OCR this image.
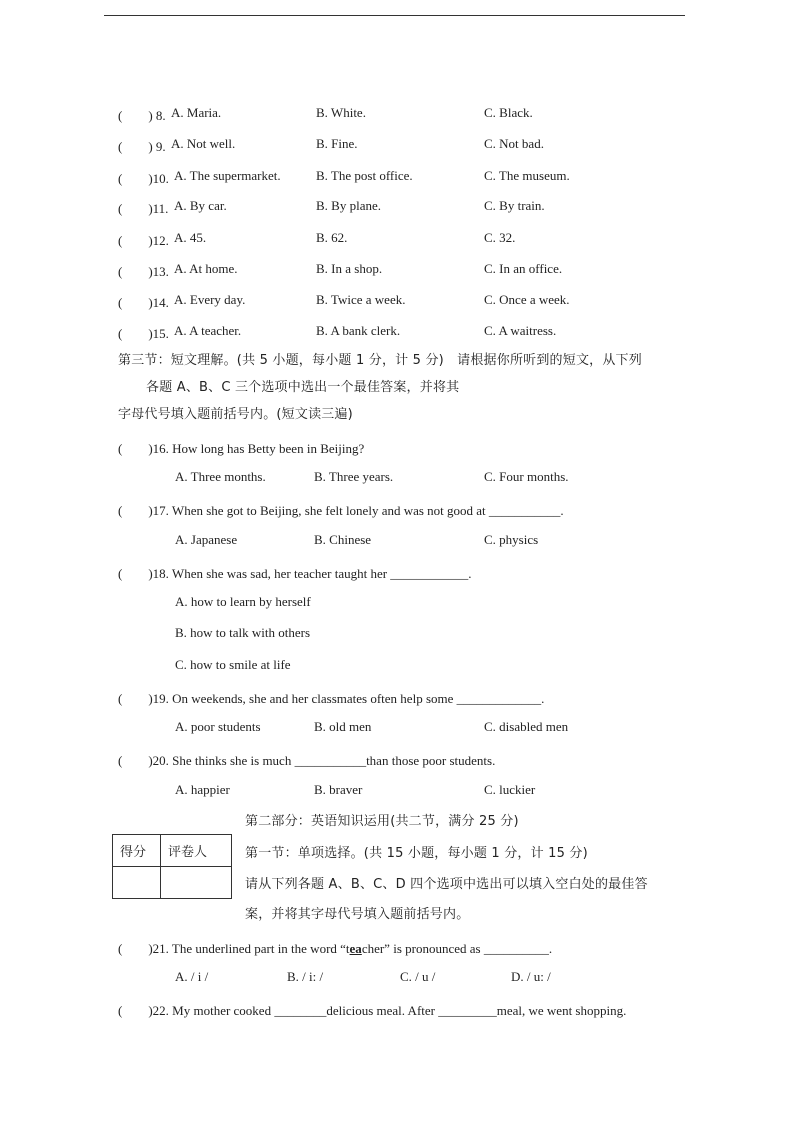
(　　) 8. A. Maria.	B. White.	C. Black.
(　　) 9. A. Not well.	B. Fine.	C. Not bad.
(　　)10. A. The supermarket.	B. The post office.	C. The museum.
(　　)11. A. By car.	B. By plane.	C. By train.
(　　)12. A. 45.	B. 62.	C. 32.
(　　)13. A. At home.	B. In a shop.	C. In an office.
(　　)14. A. Every day.	B. Twice a week.	C. Once a week.
(　　)15. A. A teacher.	B. A bank clerk.	C. A waitress.
第三节：短文理解。(共 5 小题，每小题 1 分，计 5 分)　请根据你所听到的短文，从下列
各题 A、B、C 三个选项中选出一个最佳答案，并将其
字母代号填入题前括号内。(短文读三遍)
(　　)16. How long has Betty been in Beijing?
A. Three months.	B. Three years.	C. Four months.
(　　)17. When she got to Beijing, she felt lonely and was not good at ___________.
A. Japanese	B. Chinese	C. physics
(　　)18. When she was sad, her teacher taught her ____________.
A. how to learn by herself
B. how to talk with others
C. how to smile at life
(　　)19. On weekends, she and her classmates often help some _____________.
A. poor students	B. old men	C. disabled men
(　　)20. She thinks she is much ___________than those poor students.
A. happier	B. braver	C. luckier
第二部分：英语知识运用(共二节，满分 25 分)
得分	评卷人
		第一节：单项选择。(共 15 小题，每小题 1 分，计 15 分)
请从下列各题 A、B、C、D 四个选项中选出可以填入空白处的最佳答
案，并将其字母代号填入题前括号内。
(　　)21. The underlined part in the word “teacher” is pronounced as __________.
A. / i /	B. / i: /	C. / u /	D. / u: /
(　　)22. My mother cooked ________delicious meal. After _________meal, we went shopping.
